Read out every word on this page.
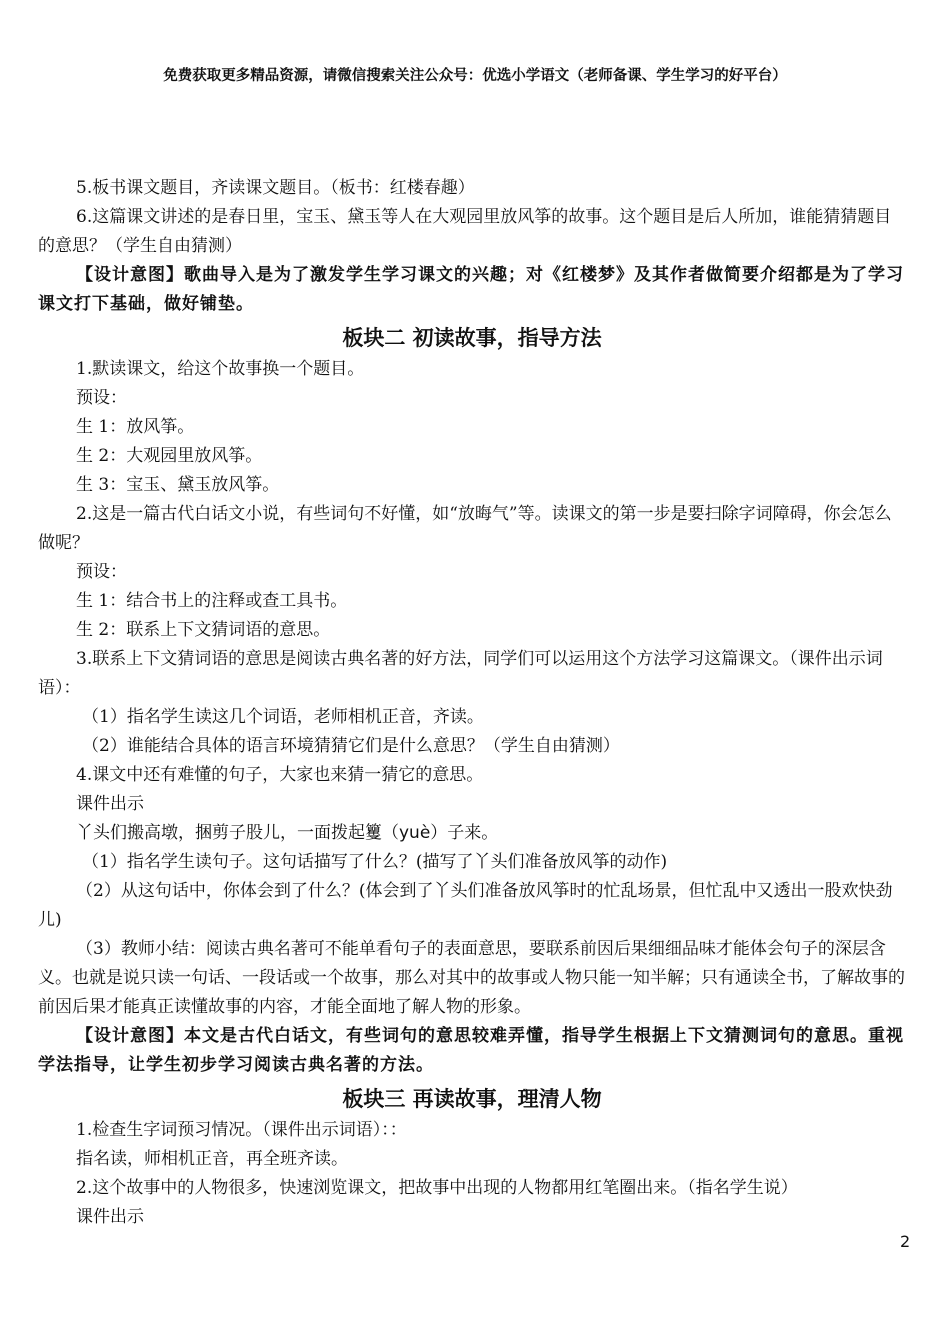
免费获取更多精品资源，请微信搜索关注公众号：优选小学语文（老师备课、学生学习的好平台）

5.板书课文题目，齐读课文题目。（板书：红楼春趣）

6.这篇课文讲述的是春日里，宝玉、黛玉等人在大观园里放风筝的故事。这个题目是后人所加，谁能猜猜题目的意思？（学生自由猜测）

【设计意图】歌曲导入是为了激发学生学习课文的兴趣；对《红楼梦》及其作者做简要介绍都是为了学习课文打下基础，做好铺垫。

板块二 初读故事，指导方法

1.默读课文，给这个故事换一个题目。

预设：

生 1：放风筝。

生 2：大观园里放风筝。

生 3：宝玉、黛玉放风筝。

2.这是一篇古代白话文小说，有些词句不好懂，如“放晦气”等。读课文的第一步是要扫除字词障碍，你会怎么做呢？

预设：

生 1：结合书上的注释或查工具书。

生 2：联系上下文猜词语的意思。

3.联系上下文猜词语的意思是阅读古典名著的好方法，同学们可以运用这个方法学习这篇课文。（课件出示词语）：

（1）指名学生读这几个词语，老师相机正音，齐读。

（2）谁能结合具体的语言环境猜猜它们是什么意思？（学生自由猜测）

4.课文中还有难懂的句子，大家也来猜一猜它的意思。

课件出示

丫头们搬高墩，捆剪子股儿，一面拨起籰（yuè）子来。

（1）指名学生读句子。这句话描写了什么？(描写了丫头们准备放风筝的动作)

（2）从这句话中，你体会到了什么？(体会到了丫头们准备放风筝时的忙乱场景，但忙乱中又透出一股欢快劲儿)

（3）教师小结：阅读古典名著可不能单看句子的表面意思，要联系前因后果细细品味才能体会句子的深层含义。也就是说只读一句话、一段话或一个故事，那么对其中的故事或人物只能一知半解；只有通读全书，了解故事的前因后果才能真正读懂故事的内容，才能全面地了解人物的形象。

【设计意图】本文是古代白话文，有些词句的意思较难弄懂，指导学生根据上下文猜测词句的意思。重视学法指导，让学生初步学习阅读古典名著的方法。

板块三 再读故事，理清人物

1.检查生字词预习情况。（课件出示词语）：：

指名读，师相机正音，再全班齐读。

2.这个故事中的人物很多，快速浏览课文，把故事中出现的人物都用红笔圈出来。（指名学生说）

课件出示

2
